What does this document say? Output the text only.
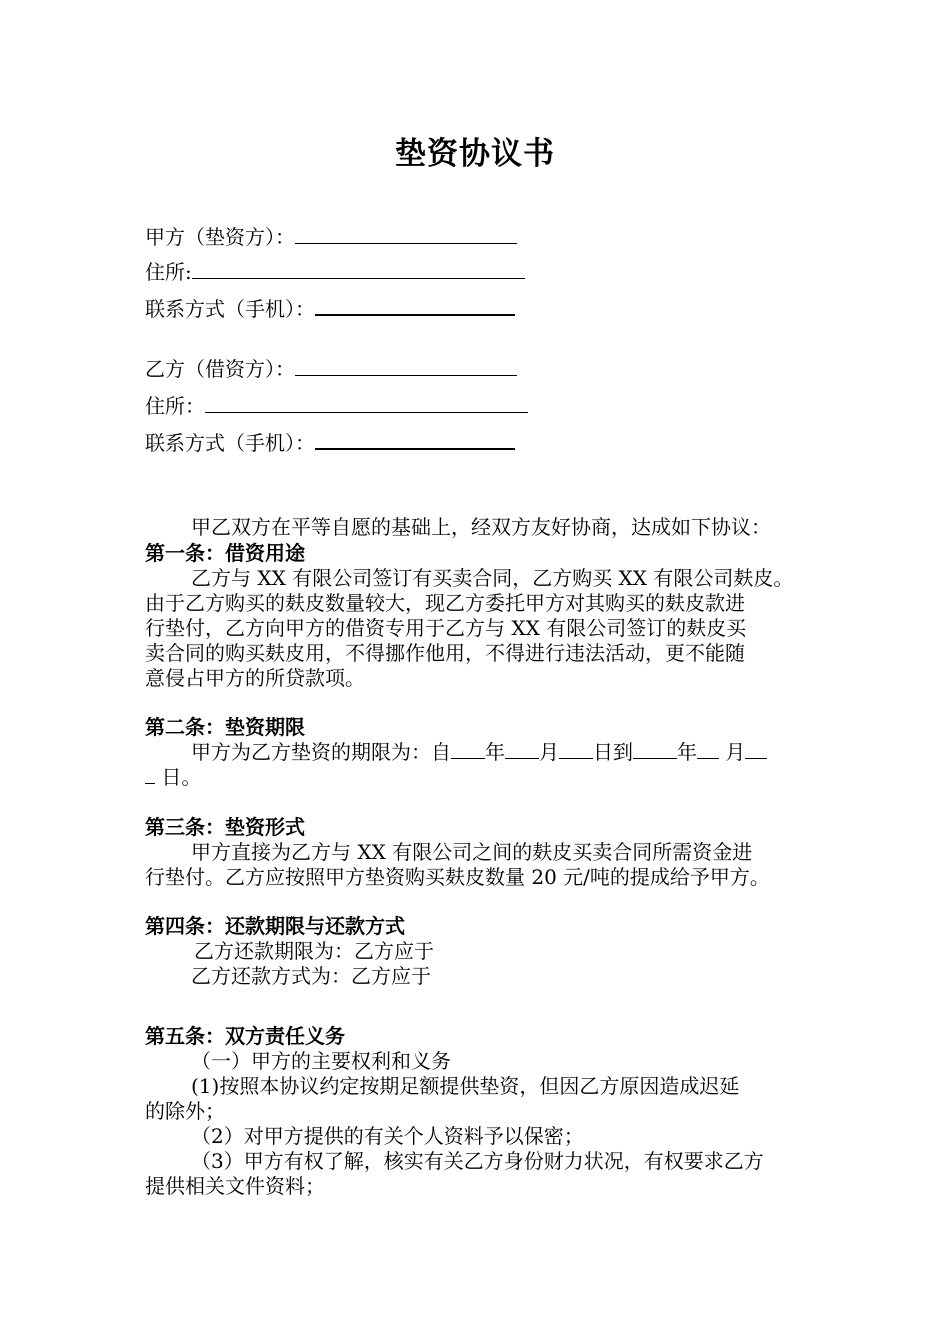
垫资协议书
甲方（垫资方）：
住所:
联系方式（手机）：
乙方（借资方）：
住所：
联系方式（手机）：
甲乙双方在平等自愿的基础上，经双方友好协商，达成如下协议：
第一条：借资用途
乙方与 XX 有限公司签订有买卖合同，乙方购买 XX 有限公司麸皮。
由于乙方购买的麸皮数量较大，现乙方委托甲方对其购买的麸皮款进
行垫付，乙方向甲方的借资专用于乙方与 XX 有限公司签订的麸皮买
卖合同的购买麸皮用，不得挪作他用，不得进行违法活动，更不能随
意侵占甲方的所贷款项。
第二条：垫资期限
甲方为乙方垫资的期限为：自 年 月 日到 年 月
日。
第三条：垫资形式
甲方直接为乙方与 XX 有限公司之间的麸皮买卖合同所需资金进
行垫付。乙方应按照甲方垫资购买麸皮数量 20 元/吨的提成给予甲方。
第四条：还款期限与还款方式
乙方还款期限为：乙方应于
乙方还款方式为：乙方应于
第五条：双方责任义务
（一）甲方的主要权利和义务
(1)按照本协议约定按期足额提供垫资，但因乙方原因造成迟延
的除外；
（2）对甲方提供的有关个人资料予以保密；
（3）甲方有权了解，核实有关乙方身份财力状况，有权要求乙方
提供相关文件资料；
